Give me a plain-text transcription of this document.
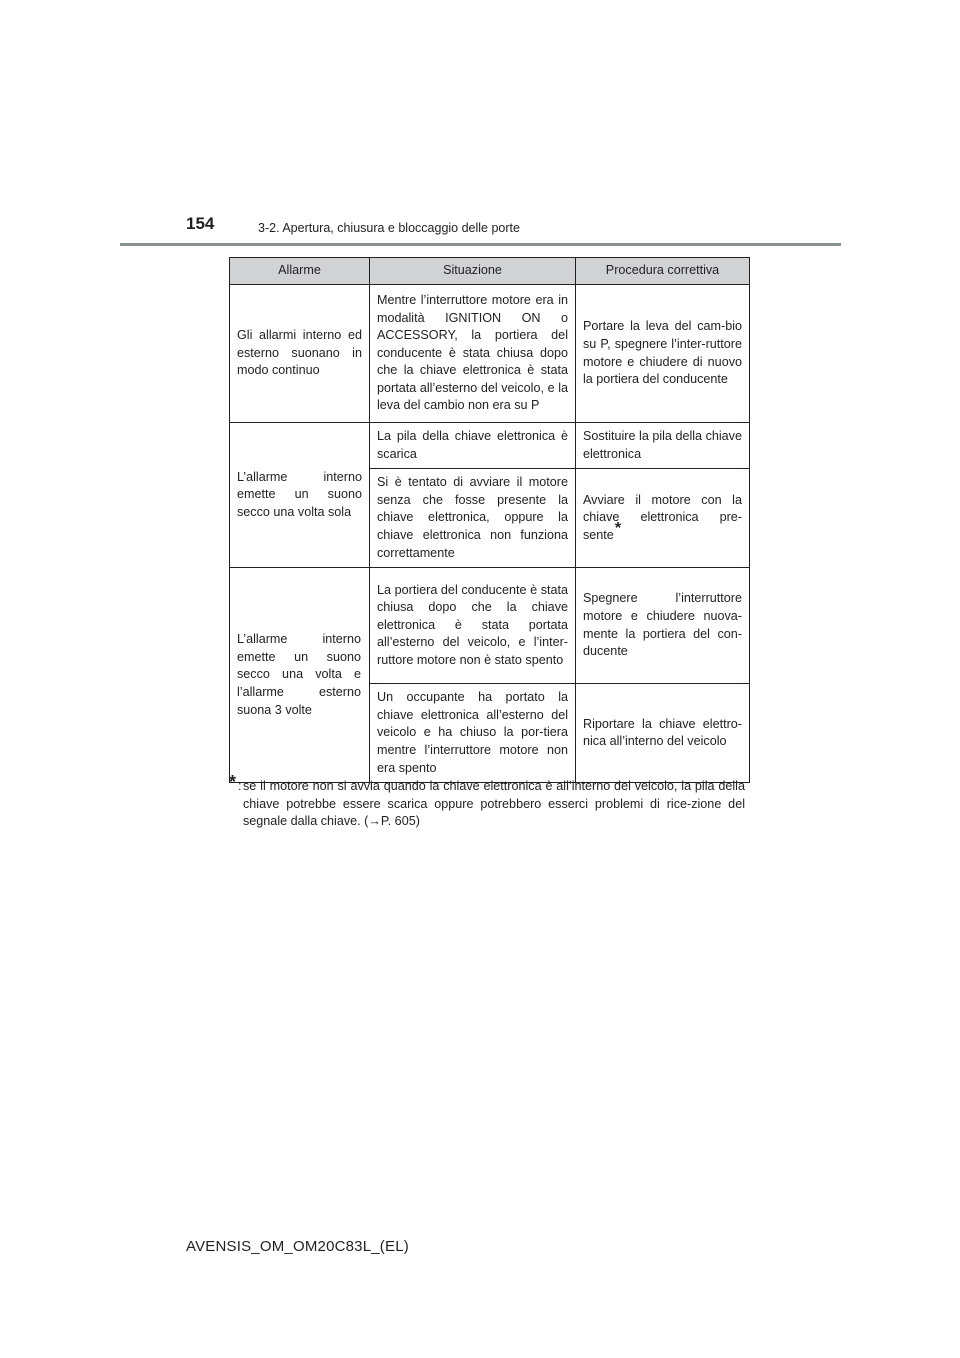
154	3-2. Apertura, chiusura e bloccaggio delle porte
Allarme	Situazione	Procedura correttiva
Gli allarmi interno ed esterno suonano in modo continuo	Mentre l’interruttore motore era in modalità IGNITION ON o ACCESSORY, la portiera del conducente è stata chiusa dopo che la chiave elettronica è stata portata all’esterno del veicolo, e la leva del cambio non era su P	Portare la leva del cam-bio su P, spegnere l’inter-ruttore motore e chiudere di nuovo la portiera del conducente
L’allarme interno emette un suono secco una volta sola	La pila della chiave elettronica è scarica	Sostituire la pila della chiave elettronica
	Si è tentato di avviare il motore senza che fosse presente la chiave elettronica, oppure la chiave elettronica non funziona correttamente	Avviare il motore con la chiave elettronica pre-sente*
L’allarme interno emette un suono secco una volta e l’allarme esterno suona 3 volte	La portiera del conducente è stata chiusa dopo che la chiave elettronica è stata portata all’esterno del veicolo, e l’inter-ruttore motore non è stato spento	Spegnere l’interruttore motore e chiudere nuova-mente la portiera del con-ducente
	Un occupante ha portato la chiave elettronica all’esterno del veicolo e ha chiuso la por-tiera mentre l’interruttore motore non era spento	Riportare la chiave elettro-nica all’interno del veicolo
* : se il motore non si avvia quando la chiave elettronica è all’interno del veicolo, la pila della chiave potrebbe essere scarica oppure potrebbero esserci problemi di rice-zione del segnale dalla chiave. (→P. 605)
AVENSIS_OM_OM20C83L_(EL)
